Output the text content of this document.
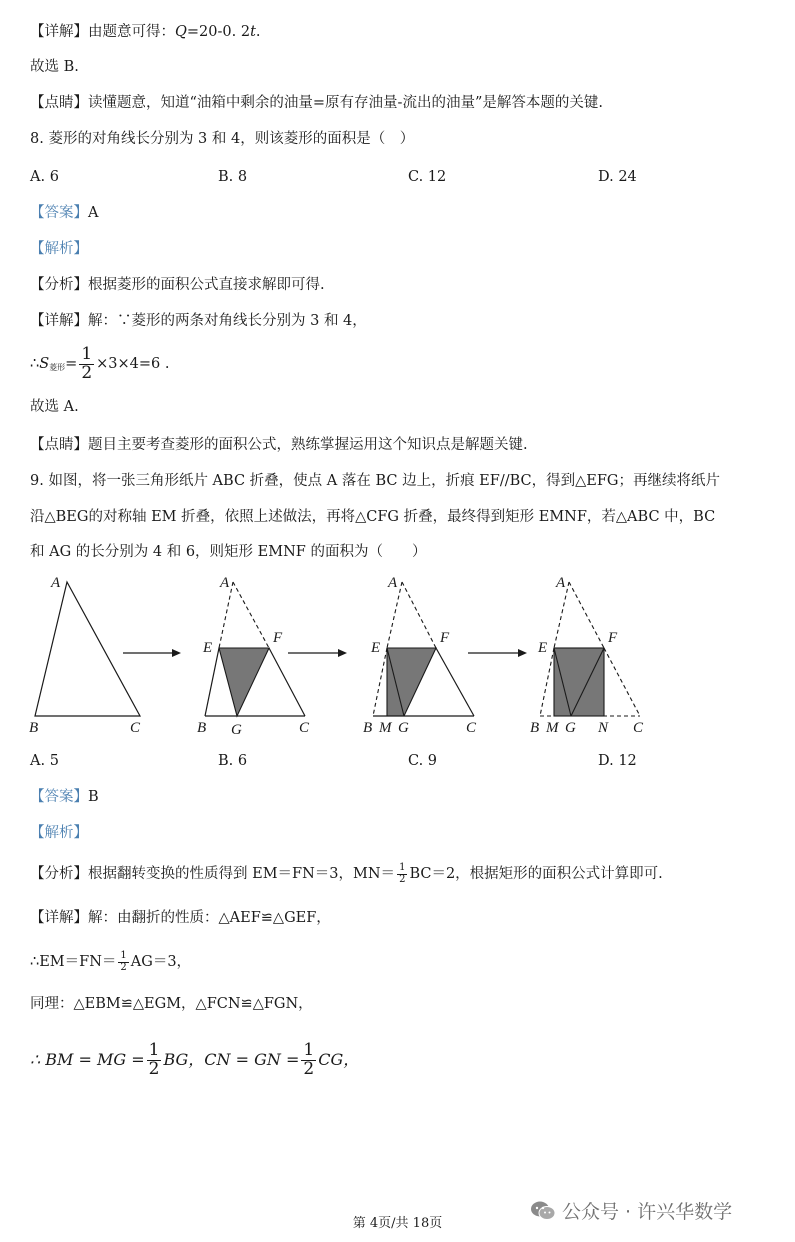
【详解】由题意可得：Q=20-0. 2t.
故选 B.
【点睛】读懂题意，知道“油箱中剩余的油量=原有存油量-流出的油量”是解答本题的关键.
8. 菱形的对角线长分别为 3 和 4，则该菱形的面积是（　）
A. 6	B. 8	C. 12	D. 24
【答案】A
【解析】
【分析】根据菱形的面积公式直接求解即可得.
【详解】解：∵菱形的两条对角线长分别为 3 和 4，
$\therefore S_{菱形}= \frac{1}{2} \times 3\times 4=6$ .
故选 A.
【点睛】题目主要考查菱形的面积公式，熟练掌握运用这个知识点是解题关键.
9. 如图，将一张三角形纸片 ABC 折叠，使点 A 落在 BC 边上，折痕 EF//BC，得到△EFG；再继续将纸片
沿△BEG的对称轴 EM 折叠，依照上述做法，再将△CFG 折叠，最终得到矩形 EMNF，若△ABC 中，BC
和 AG 的长分别为 4 和 6，则矩形 EMNF 的面积为（　　）
A
B	C
A
E
F
B G	C
A
E
F
B M G	C
A
E
F
B M G N C
A. 5	B. 6	C. 9	D. 12
【答案】B
【解析】
【分析】根据翻转变换的性质得到 EM＝FN＝3，$MN= \frac{1}{2} BC=2$，根据矩形的面积公式计算即可.
【详解】解：由翻折的性质：△AEF≌△GEF，
∴EM＝FN＝ $\frac{1}{2} AG=3$，
同理：△EBM≌△EGM，△FCN≌△FGN，
∴ BM = MG = $\frac{1}{2}$ BG，CN = GN = $\frac{1}{2}$ CG，
公众号 · 许兴华数学
第 4页/共 18页
